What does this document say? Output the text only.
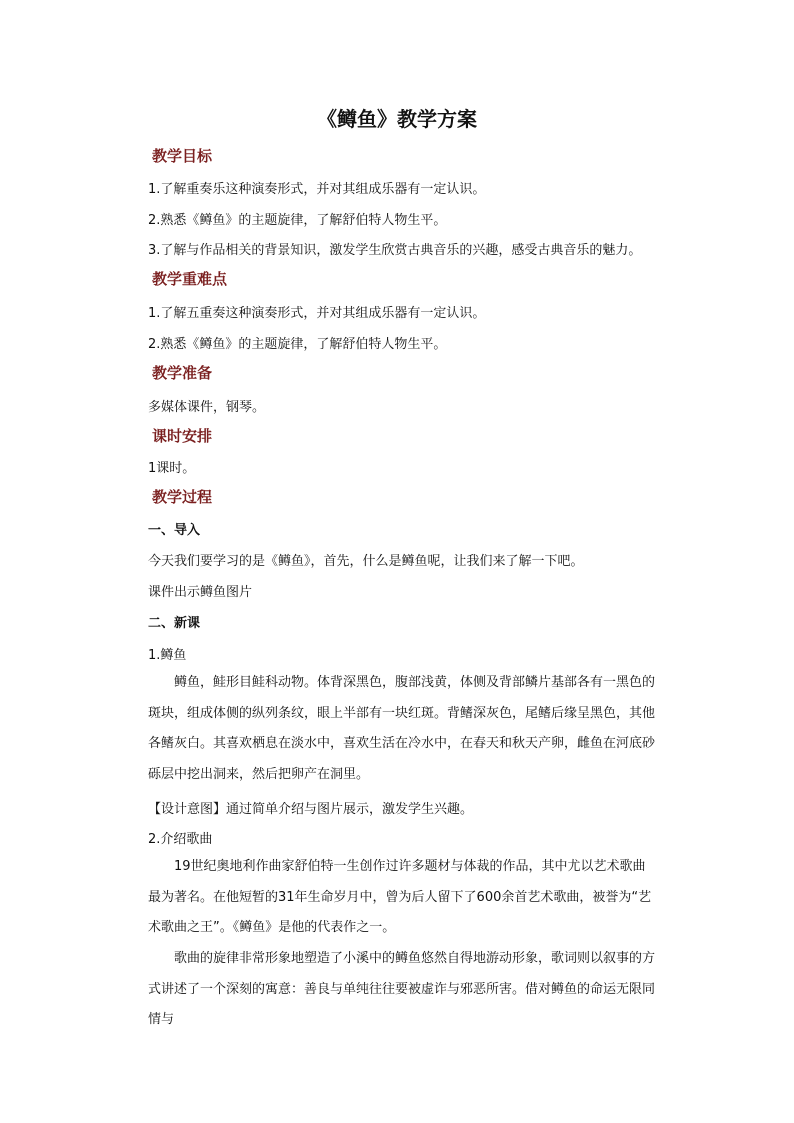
《鳟鱼》教学方案
教学目标
1.了解重奏乐这种演奏形式，并对其组成乐器有一定认识。
2.熟悉《鳟鱼》的主题旋律，了解舒伯特人物生平。
3.了解与作品相关的背景知识，激发学生欣赏古典音乐的兴趣，感受古典音乐的魅力。
教学重难点
1.了解五重奏这种演奏形式，并对其组成乐器有一定认识。
2.熟悉《鳟鱼》的主题旋律，了解舒伯特人物生平。
教学准备
多媒体课件，钢琴。
课时安排
1课时。
教学过程
一、导入
今天我们要学习的是《鳟鱼》，首先，什么是鳟鱼呢，让我们来了解一下吧。
课件出示鳟鱼图片
二、新课
1.鳟鱼
鳟鱼，鲑形目鲑科动物。体背深黑色，腹部浅黄，体侧及背部鳞片基部各有一黑色的斑块，组成体侧的纵列条纹，眼上半部有一块红斑。背鳍深灰色，尾鳍后缘呈黑色，其他各鳍灰白。其喜欢栖息在淡水中，喜欢生活在冷水中，在春天和秋天产卵，雌鱼在河底砂砾层中挖出洞来，然后把卵产在洞里。
【设计意图】通过简单介绍与图片展示，激发学生兴趣。
2.介绍歌曲
19世纪奥地利作曲家舒伯特一生创作过许多题材与体裁的作品，其中尤以艺术歌曲最为著名。在他短暂的31年生命岁月中，曾为后人留下了600余首艺术歌曲，被誉为“艺术歌曲之王”。《鳟鱼》是他的代表作之一。
歌曲的旋律非常形象地塑造了小溪中的鳟鱼悠然自得地游动形象，歌词则以叙事的方式讲述了一个深刻的寓意：善良与单纯往往要被虚诈与邪恶所害。借对鳟鱼的命运无限同情与
